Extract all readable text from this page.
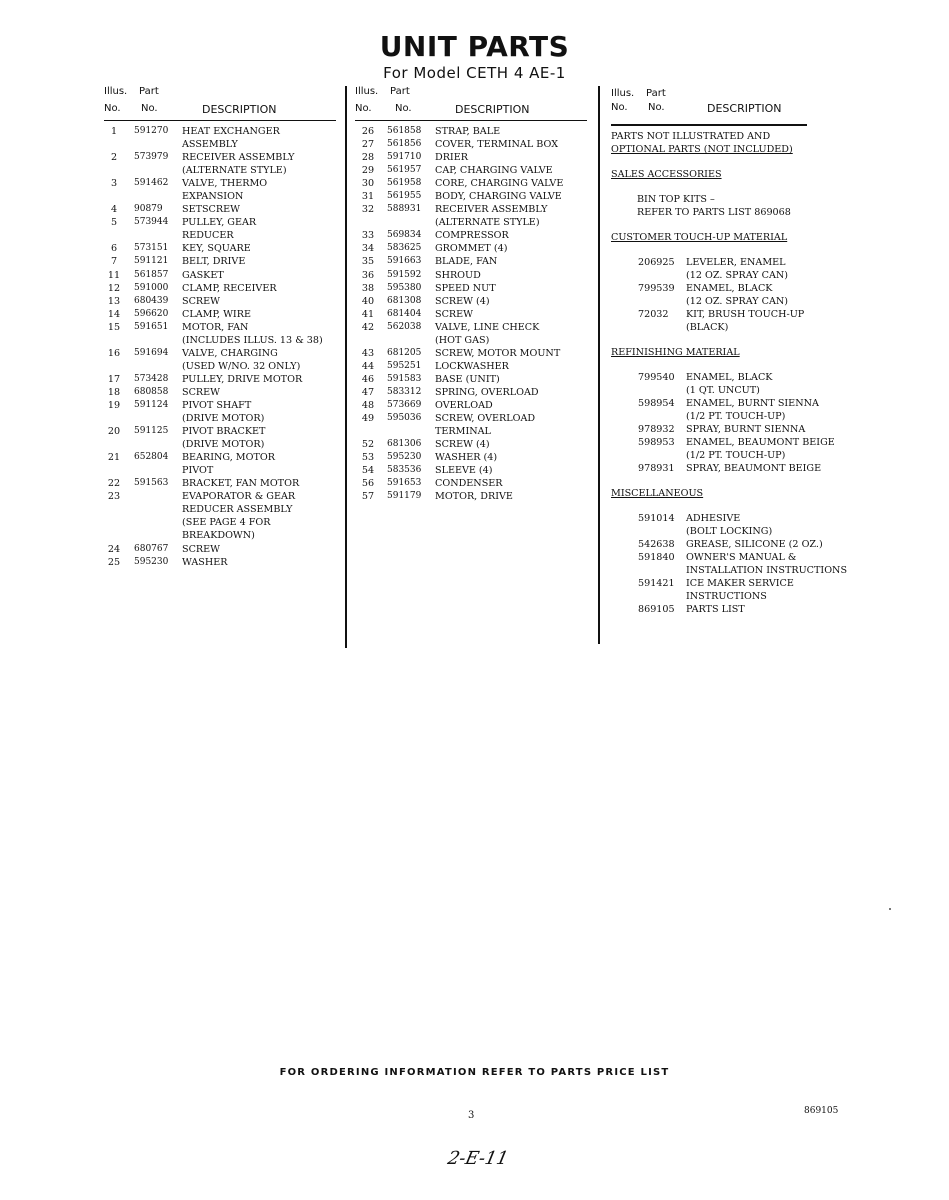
UNIT PARTS
For Model CETH 4 AE-1
Illus. Part
No. No.	DESCRIPTION
1	591270 HEAT EXCHANGER
ASSEMBLY
2	573979 RECEIVER ASSEMBLY
(ALTERNATE STYLE)
3	591462 VALVE, THERMO
EXPANSION
4	90879 SETSCREW
5	573944 PULLEY, GEAR
REDUCER
6	573151 KEY, SQUARE
7	591121 BELT, DRIVE
11	561857 GASKET
12	591000 CLAMP, RECEIVER
13	680439 SCREW
14	596620 CLAMP, WIRE
15	591651 MOTOR, FAN
(INCLUDES ILLUS. 13 & 38)
16	591694 VALVE, CHARGING
(USED W/NO. 32 ONLY)
17	573428 PULLEY, DRIVE MOTOR
18	680858 SCREW
19	591124 PIVOT SHAFT
(DRIVE MOTOR)
20	591125 PIVOT BRACKET
(DRIVE MOTOR)
21	652804 BEARING, MOTOR
PIVOT
22	591563 BRACKET, FAN MOTOR
23	EVAPORATOR & GEAR
REDUCER ASSEMBLY
(SEE PAGE 4 FOR
BREAKDOWN)
24	680767 SCREW
25	595230 WASHER
Illus. Part
No. No.	DESCRIPTION
26	561858 STRAP, BALE
27	561856 COVER, TERMINAL BOX
28	591710 DRIER
29	561957 CAP, CHARGING VALVE
30	561958 CORE, CHARGING VALVE
31	561955 BODY, CHARGING VALVE
32	588931 RECEIVER ASSEMBLY
(ALTERNATE STYLE)
33	569834 COMPRESSOR
34	583625 GROMMET (4)
35	591663 BLADE, FAN
36	591592 SHROUD
38	595380 SPEED NUT
40	681308 SCREW (4)
41	681404 SCREW
42	562038 VALVE, LINE CHECK
(HOT GAS)
43	681205 SCREW, MOTOR MOUNT
44	595251 LOCKWASHER
46	591583 BASE (UNIT)
47	583312 SPRING, OVERLOAD
48	573669 OVERLOAD
49	595036 SCREW, OVERLOAD
TERMINAL
52	681306 SCREW (4)
53	595230 WASHER (4)
54	583536 SLEEVE (4)
56	591653 CONDENSER
57	591179 MOTOR, DRIVE
Illus. Part
No. No.	DESCRIPTION
PARTS NOT ILLUSTRATED AND
OPTIONAL PARTS (NOT INCLUDED)
SALES ACCESSORIES
BIN TOP KITS –
REFER TO PARTS LIST 869068
CUSTOMER TOUCH-UP MATERIAL
206925 LEVELER, ENAMEL
(12 OZ. SPRAY CAN)
799539 ENAMEL, BLACK
(12 OZ. SPRAY CAN)
72032 KIT, BRUSH TOUCH-UP
(BLACK)
REFINISHING MATERIAL
799540 ENAMEL, BLACK
(1 QT. UNCUT)
598954 ENAMEL, BURNT SIENNA
(1/2 PT. TOUCH-UP)
978932 SPRAY, BURNT SIENNA
598953 ENAMEL, BEAUMONT BEIGE
(1/2 PT. TOUCH-UP)
978931 SPRAY, BEAUMONT BEIGE
MISCELLANEOUS
591014 ADHESIVE
(BOLT LOCKING)
542638 GREASE, SILICONE (2 OZ.)
591840 OWNER'S MANUAL &
INSTALLATION INSTRUCTIONS
591421 ICE MAKER SERVICE
INSTRUCTIONS
869105 PARTS LIST
FOR ORDERING INFORMATION REFER TO PARTS PRICE LIST
3	869105
2-E-11
